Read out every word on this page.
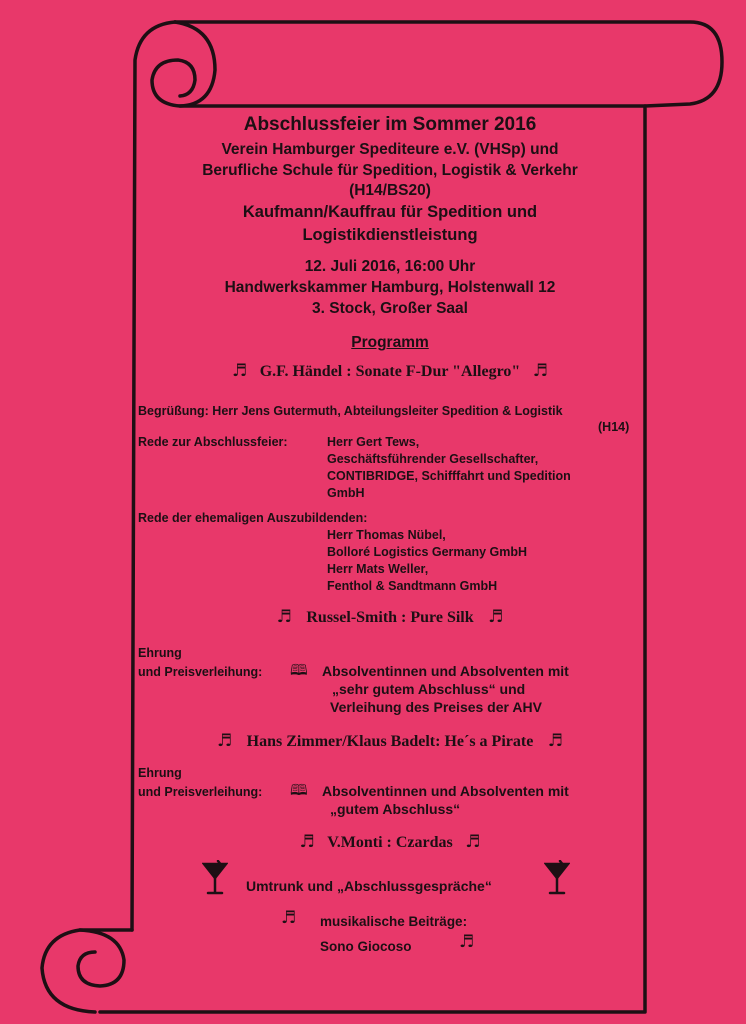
Abschlussfeier im Sommer 2016
Verein Hamburger Spediteure e.V. (VHSp) und
Berufliche Schule für Spedition, Logistik & Verkehr
(H14/BS20)
Kaufmann/Kauffrau für Spedition und
Logistikdienstleistung
12. Juli 2016, 16:00 Uhr
Handwerkskammer Hamburg, Holstenwall 12
3. Stock, Großer Saal
Programm
♬ G.F. Händel : Sonate F-Dur "Allegro" ♬
Begrüßung: Herr Jens Gutermuth, Abteilungsleiter Spedition & Logistik
(H14)
Rede zur Abschlussfeier:	Herr Gert Tews,
Geschäftsführender Gesellschafter,
CONTIBRIDGE, Schifffahrt und Spedition
GmbH
Rede der ehemaligen Auszubildenden:
Herr Thomas Nübel,
Bolloré Logistics Germany GmbH
Herr Mats Weller,
Fenthol & Sandtmann GmbH
♬ Russel-Smith : Pure Silk ♬
Ehrung
und Preisverleihung: 🕮 Absolventinnen und Absolventen mit
„sehr gutem Abschluss“ und
Verleihung des Preises der AHV
♬ Hans Zimmer/Klaus Badelt: He´s a Pirate ♬
Ehrung
und Preisverleihung: 🕮 Absolventinnen und Absolventen mit
„gutem Abschluss“
♬ V.Monti : Czardas ♬
Umtrunk und „Abschlussgespräche“
♬ musikalische Beiträge:
Sono Giocoso	♬
